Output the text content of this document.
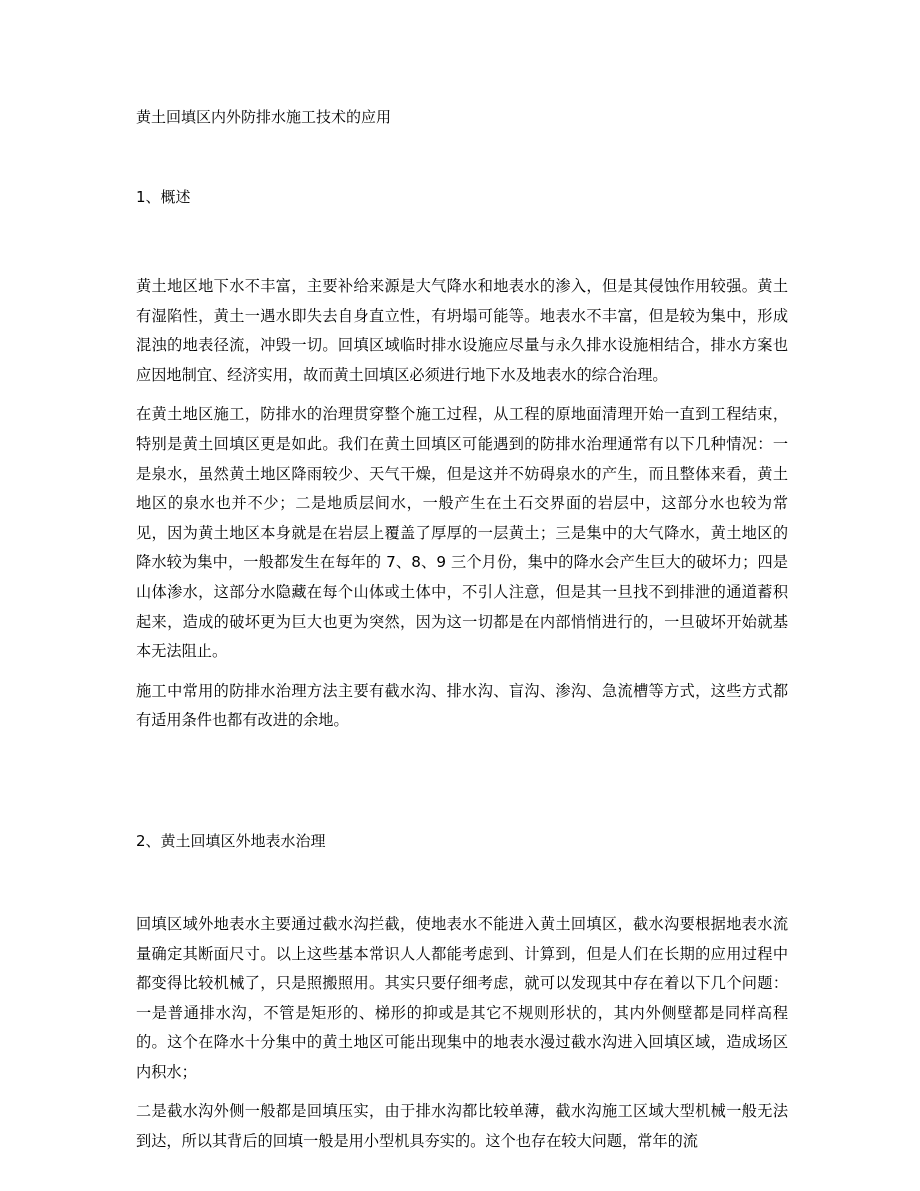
黄土回填区内外防排水施工技术的应用
1、概述

黄土地区地下水不丰富，主要补给来源是大气降水和地表水的渗入，但是其侵蚀作用较强。黄土有湿陷性，黄土一遇水即失去自身直立性，有坍塌可能等。地表水不丰富，但是较为集中，形成混浊的地表径流，冲毁一切。回填区域临时排水设施应尽量与永久排水设施相结合，排水方案也应因地制宜、经济实用，故而黄土回填区必须进行地下水及地表水的综合治理。

在黄土地区施工，防排水的治理贯穿整个施工过程，从工程的原地面清理开始一直到工程结束，特别是黄土回填区更是如此。我们在黄土回填区可能遇到的防排水治理通常有以下几种情况：一是泉水，虽然黄土地区降雨较少、天气干燥，但是这并不妨碍泉水的产生，而且整体来看，黄土地区的泉水也并不少；二是地质层间水，一般产生在土石交界面的岩层中，这部分水也较为常见，因为黄土地区本身就是在岩层上覆盖了厚厚的一层黄土；三是集中的大气降水，黄土地区的降水较为集中，一般都发生在每年的 7、8、9 三个月份，集中的降水会产生巨大的破坏力；四是山体渗水，这部分水隐藏在每个山体或土体中，不引人注意，但是其一旦找不到排泄的通道蓄积起来，造成的破坏更为巨大也更为突然，因为这一切都是在内部悄悄进行的，一旦破坏开始就基本无法阻止。

施工中常用的防排水治理方法主要有截水沟、排水沟、盲沟、渗沟、急流槽等方式，这些方式都有适用条件也都有改进的余地。

2、黄土回填区外地表水治理

回填区域外地表水主要通过截水沟拦截，使地表水不能进入黄土回填区，截水沟要根据地表水流量确定其断面尺寸。以上这些基本常识人人都能考虑到、计算到，但是人们在长期的应用过程中都变得比较机械了，只是照搬照用。其实只要仔细考虑，就可以发现其中存在着以下几个问题：一是普通排水沟，不管是矩形的、梯形的抑或是其它不规则形状的，其内外侧壁都是同样高程的。这个在降水十分集中的黄土地区可能出现集中的地表水漫过截水沟进入回填区域，造成场区内积水；

二是截水沟外侧一般都是回填压实，由于排水沟都比较单薄，截水沟施工区域大型机械一般无法到达，所以其背后的回填一般是用小型机具夯实的。这个也存在较大问题，常年的流
